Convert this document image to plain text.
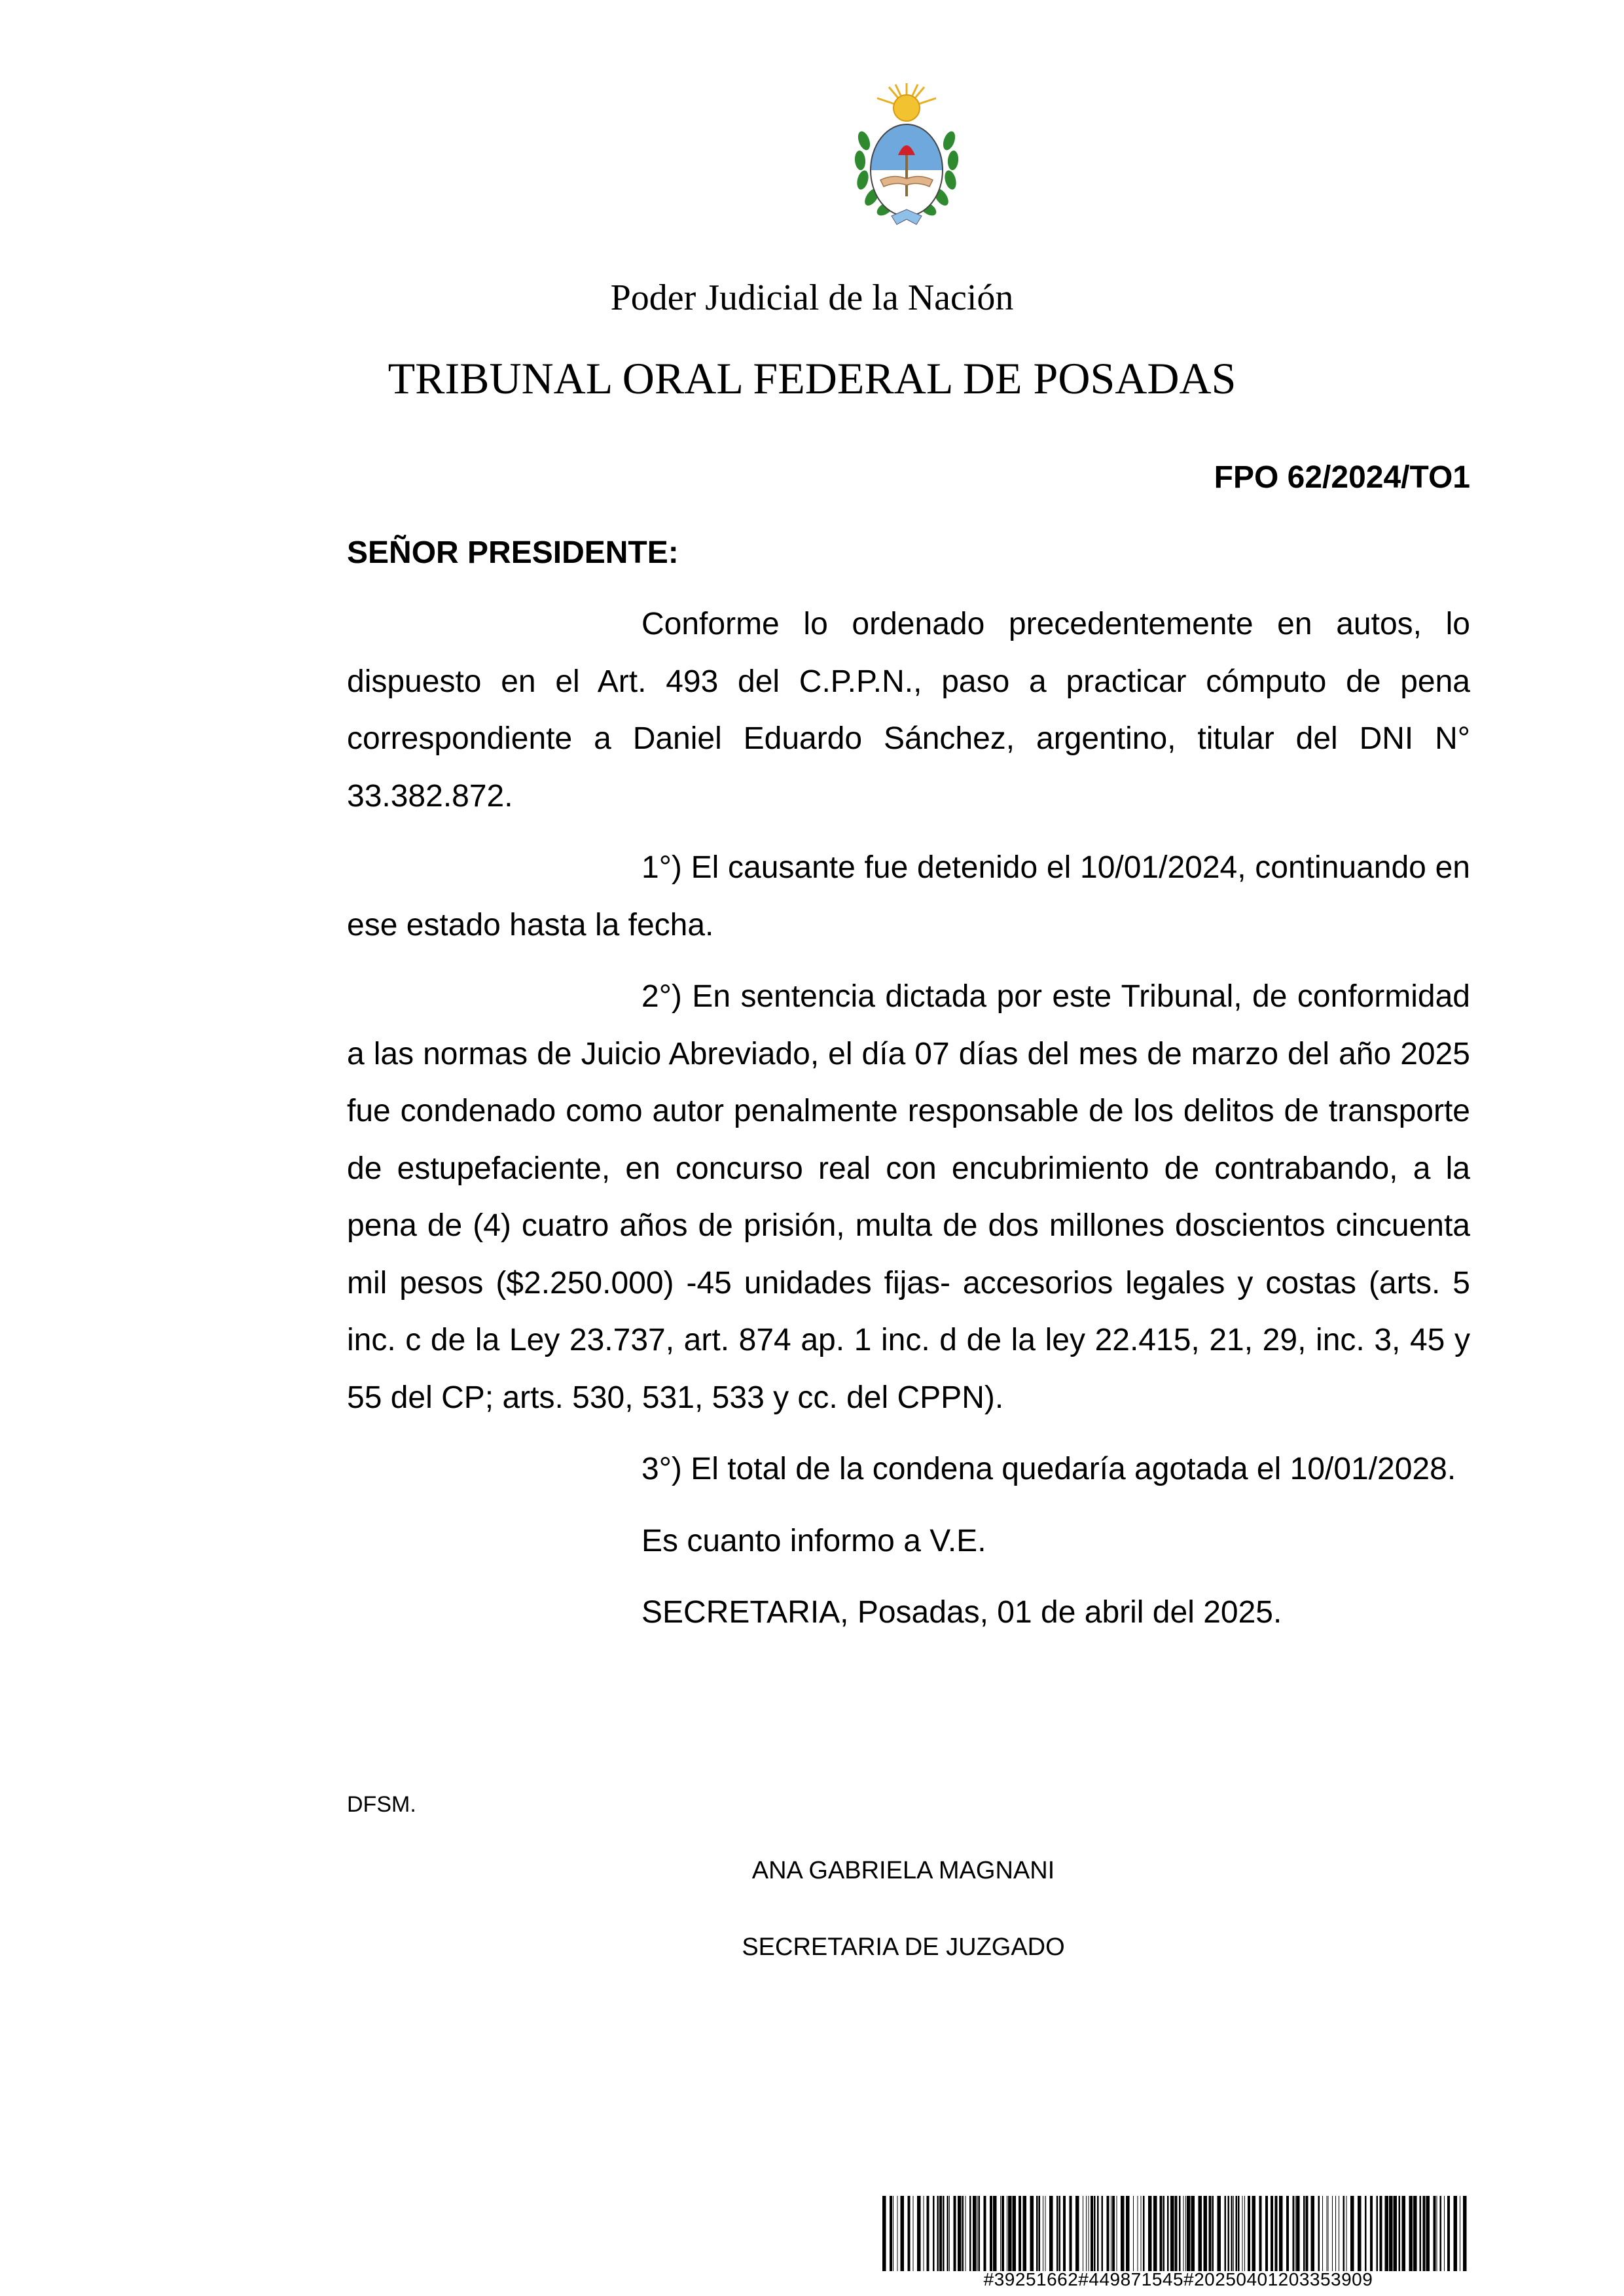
Poder Judicial de la Nación
TRIBUNAL ORAL FEDERAL DE POSADAS
FPO 62/2024/TO1
SEÑOR PRESIDENTE:

Conforme lo ordenado precedentemente en autos, lo dispuesto en el Art. 493 del C.P.P.N., paso a practicar cómputo de pena correspondiente a Daniel Eduardo Sánchez, argentino, titular del DNI N° 33.382.872.

1°) El causante fue detenido el 10/01/2024, continuando en ese estado hasta la fecha.

2°) En sentencia dictada por este Tribunal, de conformidad a las normas de Juicio Abreviado, el día 07 días del mes de marzo del año 2025 fue condenado como autor penalmente responsable de los delitos de transporte de estupefaciente, en concurso real con encubrimiento de contrabando, a la pena de (4) cuatro años de prisión, multa de dos millones doscientos cincuenta mil pesos ($2.250.000) -45 unidades fijas- accesorios legales y costas (arts. 5 inc. c de la Ley 23.737, art. 874 ap. 1 inc. d de la ley 22.415, 21, 29, inc. 3, 45 y 55 del CP; arts. 530, 531, 533 y cc. del CPPN).

3°) El total de la condena quedaría agotada el 10/01/2028.

Es cuanto informo a V.E.

SECRETARIA, Posadas, 01 de abril del 2025.

DFSM.
ANA GABRIELA MAGNANI
SECRETARIA DE JUZGADO
#39251662#449871545#20250401203353909
